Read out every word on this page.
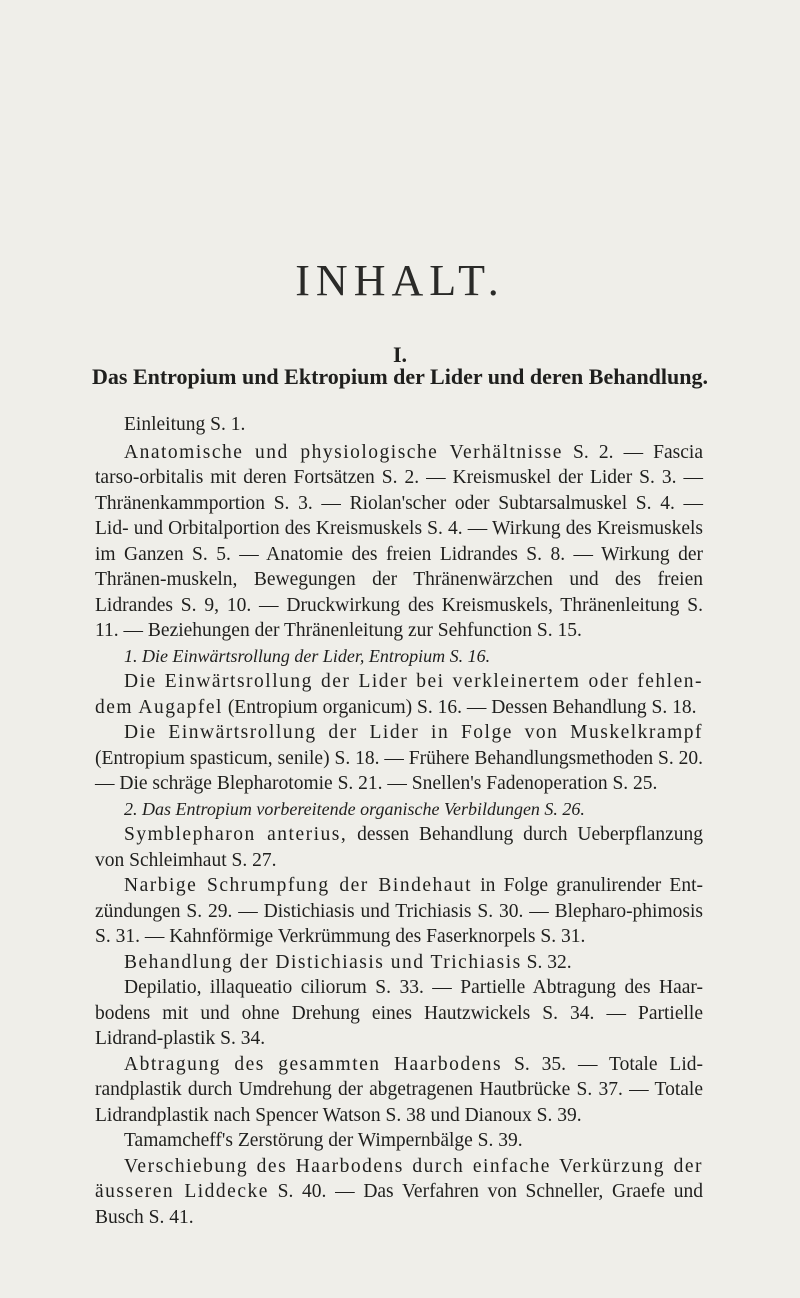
INHALT.
I.
Das Entropium und Ektropium der Lider und deren Behandlung.

Einleitung S. 1.

Anatomische und physiologische Verhältnisse S. 2. — Fascia tarso-orbitalis mit deren Fortsätzen S. 2. — Kreismuskel der Lider S. 3. — Thränenkammportion S. 3. — Riolan'scher oder Subtarsalmuskel S. 4. — Lid- und Orbitalportion des Kreismuskels S. 4. — Wirkung des Kreismuskels im Ganzen S. 5. — Anatomie des freien Lidrandes S. 8. — Wirkung der Thränen-muskeln, Bewegungen der Thränenwärzchen und des freien Lidrandes S. 9, 10. — Druckwirkung des Kreismuskels, Thränenleitung S. 11. — Beziehungen der Thränenleitung zur Sehfunction S. 15.

1. Die Einwärtsrollung der Lider, Entropium S. 16.

Die Einwärtsrollung der Lider bei verkleinertem oder fehlen-dem Augapfel (Entropium organicum) S. 16. — Dessen Behandlung S. 18.

Die Einwärtsrollung der Lider in Folge von Muskelkrampf (Entropium spasticum, senile) S. 18. — Frühere Behandlungsmethoden S. 20. — Die schräge Blepharotomie S. 21. — Snellen's Fadenoperation S. 25.

2. Das Entropium vorbereitende organische Verbildungen S. 26.

Symblepharon anterius, dessen Behandlung durch Ueberpflanzung von Schleimhaut S. 27.

Narbige Schrumpfung der Bindehaut in Folge granulirender Ent-zündungen S. 29. — Distichiasis und Trichiasis S. 30. — Blepharo-phimosis S. 31. — Kahnförmige Verkrümmung des Faserknorpels S. 31.

Behandlung der Distichiasis und Trichiasis S. 32.

Depilatio, illaqueatio ciliorum S. 33. — Partielle Abtragung des Haar-bodens mit und ohne Drehung eines Hautzwickels S. 34. — Partielle Lidrand-plastik S. 34.

Abtragung des gesammten Haarbodens S. 35. — Totale Lid-randplastik durch Umdrehung der abgetragenen Hautbrücke S. 37. — Totale Lidrandplastik nach Spencer Watson S. 38 und Dianoux S. 39.

Tamamcheff's Zerstörung der Wimpernbälge S. 39.

Verschiebung des Haarbodens durch einfache Verkürzung der äusseren Liddecke S. 40. — Das Verfahren von Schneller, Graefe und Busch S. 41.
